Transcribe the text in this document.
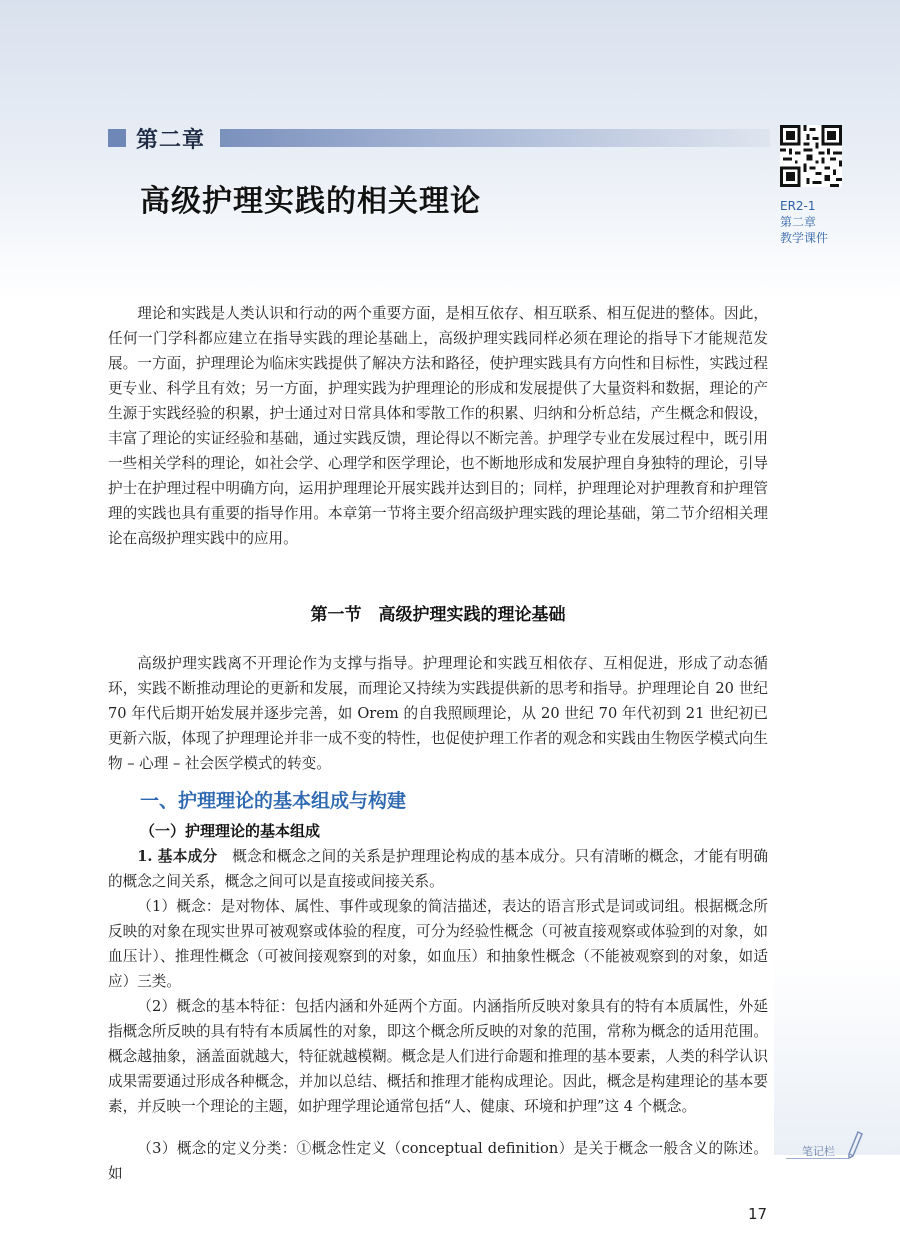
第二章
高级护理实践的相关理论	ER2-1
第二章
教学课件

理论和实践是人类认识和行动的两个重要方面，是相互依存、相互联系、相互促进的整体。因此，任何一门学科都应建立在指导实践的理论基础上，高级护理实践同样必须在理论的指导下才能规范发展。一方面，护理理论为临床实践提供了解决方法和路径，使护理实践具有方向性和目标性，实践过程更专业、科学且有效；另一方面，护理实践为护理理论的形成和发展提供了大量资料和数据，理论的产生源于实践经验的积累，护士通过对日常具体和零散工作的积累、归纳和分析总结，产生概念和假设，丰富了理论的实证经验和基础，通过实践反馈，理论得以不断完善。护理学专业在发展过程中，既引用一些相关学科的理论，如社会学、心理学和医学理论，也不断地形成和发展护理自身独特的理论，引导护士在护理过程中明确方向，运用护理理论开展实践并达到目的；同样，护理理论对护理教育和护理管理的实践也具有重要的指导作用。本章第一节将主要介绍高级护理实践的理论基础，第二节介绍相关理论在高级护理实践中的应用。

第一节　高级护理实践的理论基础

高级护理实践离不开理论作为支撑与指导。护理理论和实践互相依存、互相促进，形成了动态循环，实践不断推动理论的更新和发展，而理论又持续为实践提供新的思考和指导。护理理论自 20 世纪 70 年代后期开始发展并逐步完善，如 Orem 的自我照顾理论，从 20 世纪 70 年代初到 21 世纪初已更新六版，体现了护理理论并非一成不变的特性，也促使护理工作者的观念和实践由生物医学模式向生物 – 心理 – 社会医学模式的转变。

一、护理理论的基本组成与构建
（一）护理理论的基本组成

1. 基本成分　概念和概念之间的关系是护理理论构成的基本成分。只有清晰的概念，才能有明确的概念之间关系，概念之间可以是直接或间接关系。

（1）概念：是对物体、属性、事件或现象的简洁描述，表达的语言形式是词或词组。根据概念所反映的对象在现实世界可被观察或体验的程度，可分为经验性概念（可被直接观察或体验到的对象，如血压计）、推理性概念（可被间接观察到的对象，如血压）和抽象性概念（不能被观察到的对象，如适应）三类。

（2）概念的基本特征：包括内涵和外延两个方面。内涵指所反映对象具有的特有本质属性，外延指概念所反映的具有特有本质属性的对象，即这个概念所反映的对象的范围，常称为概念的适用范围。概念越抽象，涵盖面就越大，特征就越模糊。概念是人们进行命题和推理的基本要素，人类的科学认识成果需要通过形成各种概念，并加以总结、概括和推理才能构成理论。因此，概念是构建理论的基本要素，并反映一个理论的主题，如护理学理论通常包括“人、健康、环境和护理”这 4 个概念。

笔记栏

（3）概念的定义分类：①概念性定义（conceptual definition）是关于概念一般含义的陈述。如

17
